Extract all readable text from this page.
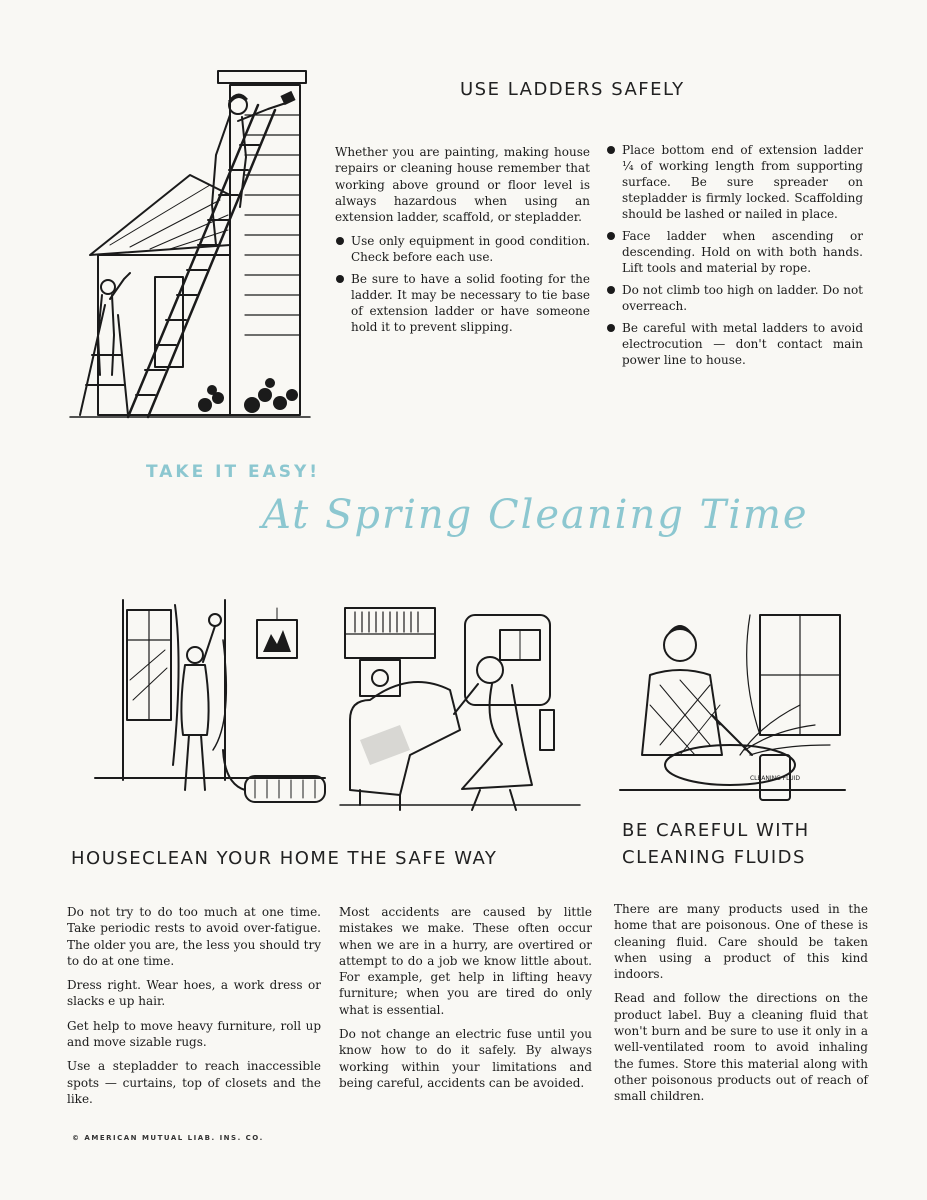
USE LADDERS SAFELY

Whether you are painting, making house repairs or cleaning house remember that working above ground or floor level is always hazardous when using an extension ladder, scaffold, or stepladder.

Use only equipment in good condition. Check before each use.
Be sure to have a solid footing for the ladder. It may be necessary to tie base of extension ladder or have someone hold it to prevent slipping.
Place bottom end of extension ladder ¼ of working length from supporting surface. Be sure spreader on stepladder is firmly locked. Scaffolding should be lashed or nailed in place.
Face ladder when ascending or descending. Hold on with both hands. Lift tools and material by rope.
Do not climb too high on ladder. Do not overreach.
Be careful with metal ladders to avoid electrocution — don't contact main power line to house.
TAKE IT EASY!
At Spring Cleaning Time
CLEANING FLUID
HOUSECLEAN YOUR HOME THE SAFE WAY
BE CAREFUL WITH
CLEANING FLUIDS

Do not try to do too much at one time. Take periodic rests to avoid over-fatigue. The older you are, the less you should try to do at one time.

Dress right. Wear hoes, a work dress or slacks e up hair.

Get help to move heavy furniture, roll up and move sizable rugs.

Use a stepladder to reach inaccessible spots — curtains, top of closets and the like.

Most accidents are caused by little mistakes we make. These often occur when we are in a hurry, are overtired or attempt to do a job we know little about. For example, get help in lifting heavy furniture; when you are tired do only what is essential.

Do not change an electric fuse until you know how to do it safely. By always working within your limitations and being careful, accidents can be avoided.

There are many products used in the home that are poisonous. One of these is cleaning fluid. Care should be taken when using a product of this kind indoors.

Read and follow the directions on the product label. Buy a cleaning fluid that won't burn and be sure to use it only in a well-ventilated room to avoid inhaling the fumes. Store this material along with other poisonous products out of reach of small children.

© AMERICAN MUTUAL LIAB. INS. CO.
